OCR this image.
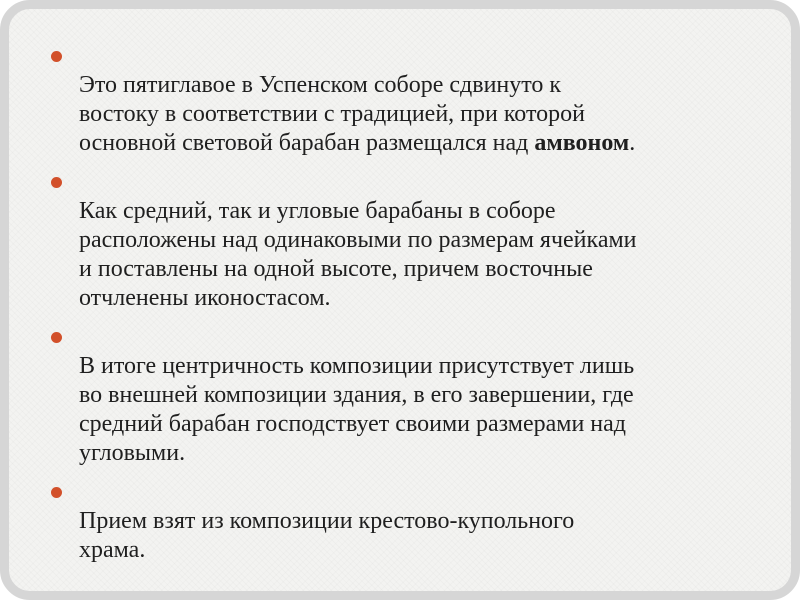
Это пятиглавое в Успенском соборе сдвинуто к
востоку в соответствии с традицией, при которой
основной световой барабан размещался над амвоном.

Как средний, так и угловые барабаны в соборе
расположены над одинаковыми по размерам ячейками
и поставлены на одной высоте, причем восточные
отчленены иконостасом.

В итоге центричность композиции присутствует лишь
во внешней композиции здания, в его завершении, где
средний барабан господствует своими размерами над
угловыми.

Прием взят из композиции крестово-купольного
храма.
